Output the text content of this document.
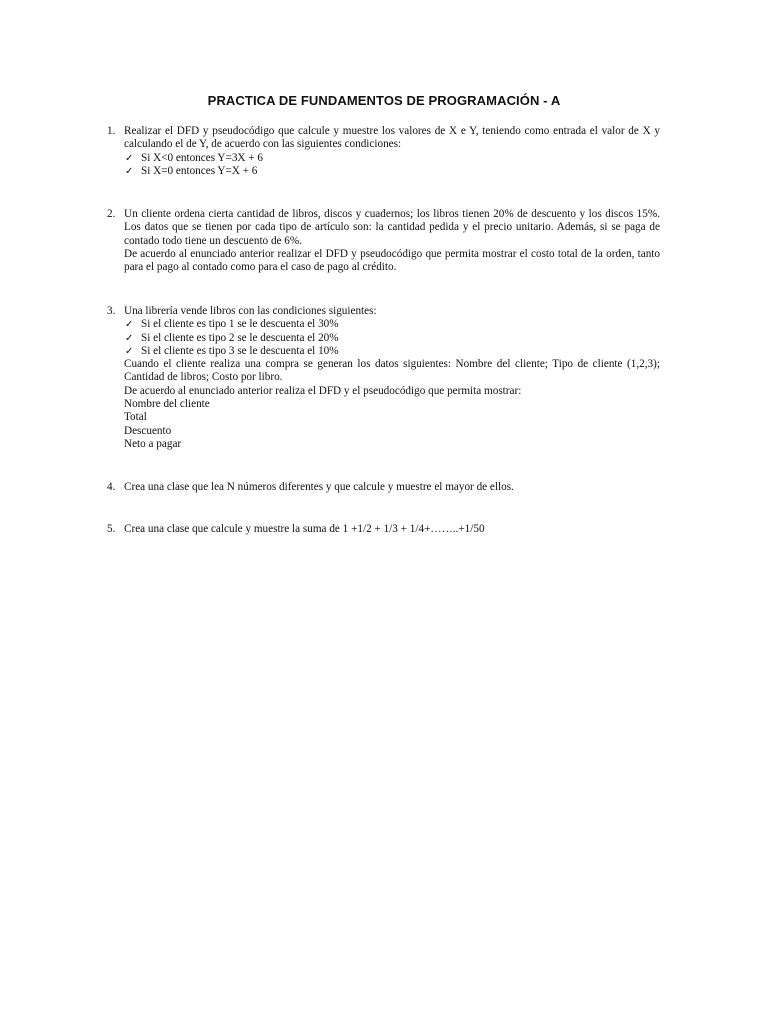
PRACTICA DE FUNDAMENTOS DE PROGRAMACIÓN - A
1. Realizar el DFD y pseudocódigo que calcule y muestre los valores de X e Y, teniendo como entrada el valor de X y calculando el de Y, de acuerdo con las siguientes condiciones:

✓ Si X<0 entonces Y=3X + 6
✓ Si X=0 entonces Y=X + 6
2. Un cliente ordena cierta cantidad de libros, discos y cuadernos; los libros tienen 20% de descuento y los discos 15%. Los datos que se tienen por cada tipo de artículo son: la cantidad pedida y el precio unitario. Además, si se paga de contado todo tiene un descuento de 6%.

De acuerdo al enunciado anterior realizar el DFD y pseudocódigo que permita mostrar el costo total de la orden, tanto para el pago al contado como para el caso de pago al crédito.

3. Una librería vende libros con las condiciones siguientes:

✓ Si el cliente es tipo 1 se le descuenta el 30%
✓ Si el cliente es tipo 2 se le descuenta el 20%
✓ Si el cliente es tipo 3 se le descuenta el 10%

Cuando el cliente realiza una compra se generan los datos siguientes: Nombre del cliente; Tipo de cliente (1,2,3); Cantidad de libros; Costo por libro.

De acuerdo al enunciado anterior realiza el DFD y el pseudocódigo que permita mostrar:

Nombre del cliente

Total

Descuento

Neto a pagar

4. Crea una clase que lea N números diferentes y que calcule y muestre el mayor de ellos.

5. Crea una clase que calcule y muestre la suma de 1 +1/2 + 1/3 + 1/4+……..+1/50
